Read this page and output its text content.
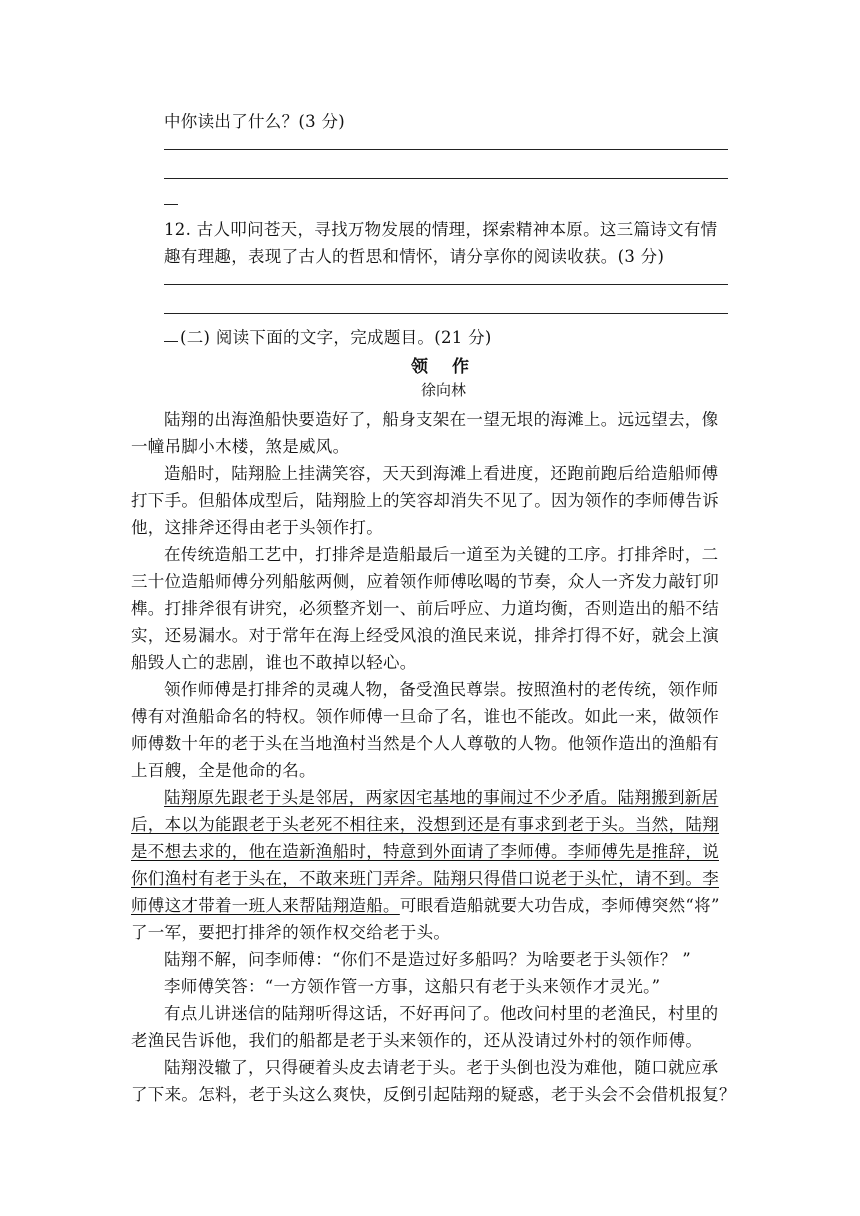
中你读出了什么？(3 分)
12. 古人叩问苍天，寻找万物发展的情理，探索精神本原。这三篇诗文有情
趣有理趣，表现了古人的哲思和情怀，请分享你的阅读收获。(3 分)
(二) 阅读下面的文字，完成题目。(21 分)
领作
徐向林
陆翔的出海渔船快要造好了，船身支架在一望无垠的海滩上。远远望去，像
一幢吊脚小木楼，煞是威风。
造船时，陆翔脸上挂满笑容，天天到海滩上看进度，还跑前跑后给造船师傅
打下手。但船体成型后，陆翔脸上的笑容却消失不见了。因为领作的李师傅告诉
他，这排斧还得由老于头领作打。
在传统造船工艺中，打排斧是造船最后一道至为关键的工序。打排斧时，二
三十位造船师傅分列船舷两侧，应着领作师傅吆喝的节奏，众人一齐发力敲钉卯
榫。打排斧很有讲究，必须整齐划一、前后呼应、力道均衡，否则造出的船不结
实，还易漏水。对于常年在海上经受风浪的渔民来说，排斧打得不好，就会上演
船毁人亡的悲剧，谁也不敢掉以轻心。
领作师傅是打排斧的灵魂人物，备受渔民尊崇。按照渔村的老传统，领作师
傅有对渔船命名的特权。领作师傅一旦命了名，谁也不能改。如此一来，做领作
师傅数十年的老于头在当地渔村当然是个人人尊敬的人物。他领作造出的渔船有
上百艘，全是他命的名。
陆翔原先跟老于头是邻居，两家因宅基地的事闹过不少矛盾。陆翔搬到新居
后，本以为能跟老于头老死不相往来，没想到还是有事求到老于头。当然，陆翔
是不想去求的，他在造新渔船时，特意到外面请了李师傅。李师傅先是推辞，说
你们渔村有老于头在，不敢来班门弄斧。陆翔只得借口说老于头忙，请不到。李
师傅这才带着一班人来帮陆翔造船。可眼看造船就要大功告成，李师傅突然“将”
了一军，要把打排斧的领作权交给老于头。
陆翔不解，问李师傅：“你们不是造过好多船吗？为啥要老于头领作？ ”
李师傅笑答：“一方领作管一方事，这船只有老于头来领作才灵光。”
有点儿讲迷信的陆翔听得这话，不好再问了。他改问村里的老渔民，村里的
老渔民告诉他，我们的船都是老于头来领作的，还从没请过外村的领作师傅。
陆翔没辙了，只得硬着头皮去请老于头。老于头倒也没为难他，随口就应承
了下来。怎料，老于头这么爽快，反倒引起陆翔的疑惑，老于头会不会借机报复？
